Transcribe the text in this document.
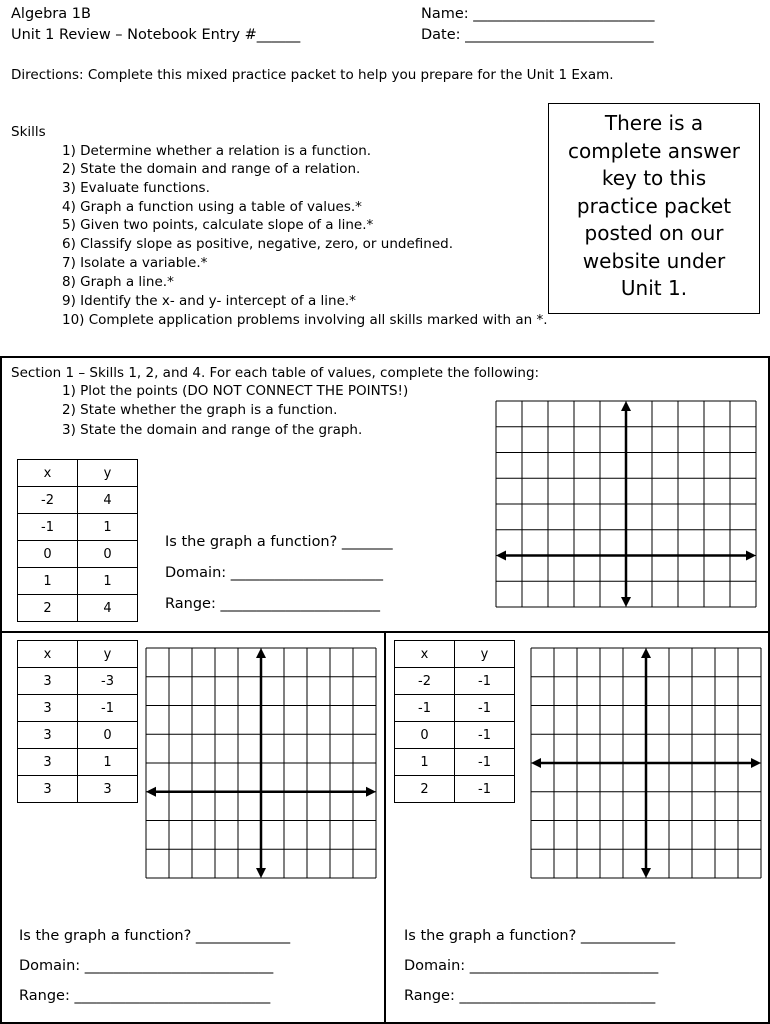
Algebra 1B
Unit 1 Review – Notebook Entry #______
Name: _________________________
Date: __________________________
Directions: Complete this mixed practice packet to help you prepare for the Unit 1 Exam.
Skills
1) Determine whether a relation is a function.
2) State the domain and range of a relation.
3) Evaluate functions.
4) Graph a function using a table of values.*
5) Given two points, calculate slope of a line.*
6) Classify slope as positive, negative, zero, or undefined.
7) Isolate a variable.*
8) Graph a line.*
9) Identify the x- and y- intercept of a line.*
10) Complete application problems involving all skills marked with an *.
There is a
complete answer
key to this
practice packet
posted on our
website under
Unit 1.
Section 1 – Skills 1, 2, and 4. For each table of values, complete the following:
1) Plot the points (DO NOT CONNECT THE POINTS!)
2) State whether the graph is a function.
3) State the domain and range of the graph.
x	y
-2	4
-1	1
0	0
1	1
2	4
Is the graph a function? _______
Domain: _____________________
Range: ______________________
x	y
3	-3
3	-1
3	0
3	1
3	3
Is the graph a function? _____________
Domain: __________________________
Range: ___________________________
x	y
-2	-1
-1	-1
0	-1
1	-1
2	-1
Is the graph a function? _____________
Domain: __________________________
Range: ___________________________
